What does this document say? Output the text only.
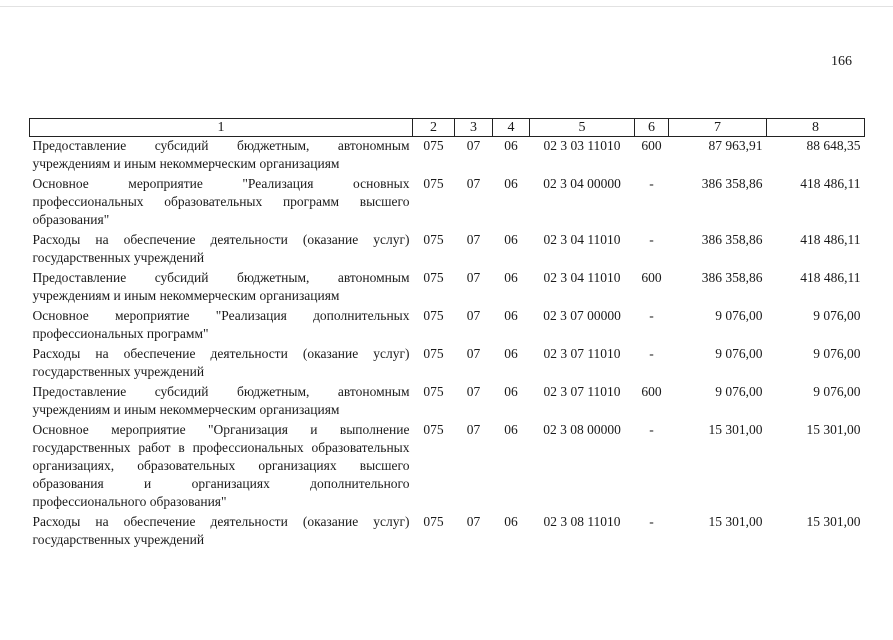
166
1	2	3	4	5	6	7	8
Предоставление субсидий бюджетным, автономным учреждениям и иным некоммерческим организациям	075	07	06	02 3 03 11010	600	87 963,91	88 648,35
Основное мероприятие "Реализация основных профессиональных образовательных программ высшего образования"	075	07	06	02 3 04 00000	-	386 358,86	418 486,11
Расходы на обеспечение деятельности (оказание услуг) государственных учреждений	075	07	06	02 3 04 11010	-	386 358,86	418 486,11
Предоставление субсидий бюджетным, автономным учреждениям и иным некоммерческим организациям	075	07	06	02 3 04 11010	600	386 358,86	418 486,11
Основное мероприятие "Реализация дополнительных профессиональных программ"	075	07	06	02 3 07 00000	-	9 076,00	9 076,00
Расходы на обеспечение деятельности (оказание услуг) государственных учреждений	075	07	06	02 3 07 11010	-	9 076,00	9 076,00
Предоставление субсидий бюджетным, автономным учреждениям и иным некоммерческим организациям	075	07	06	02 3 07 11010	600	9 076,00	9 076,00
Основное мероприятие "Организация и выполнение государственных работ в профессиональных образовательных организациях, образовательных организациях высшего образования и организациях дополнительного профессионального образования"	075	07	06	02 3 08 00000	-	15 301,00	15 301,00
Расходы на обеспечение деятельности (оказание услуг) государственных учреждений	075	07	06	02 3 08 11010	-	15 301,00	15 301,00
